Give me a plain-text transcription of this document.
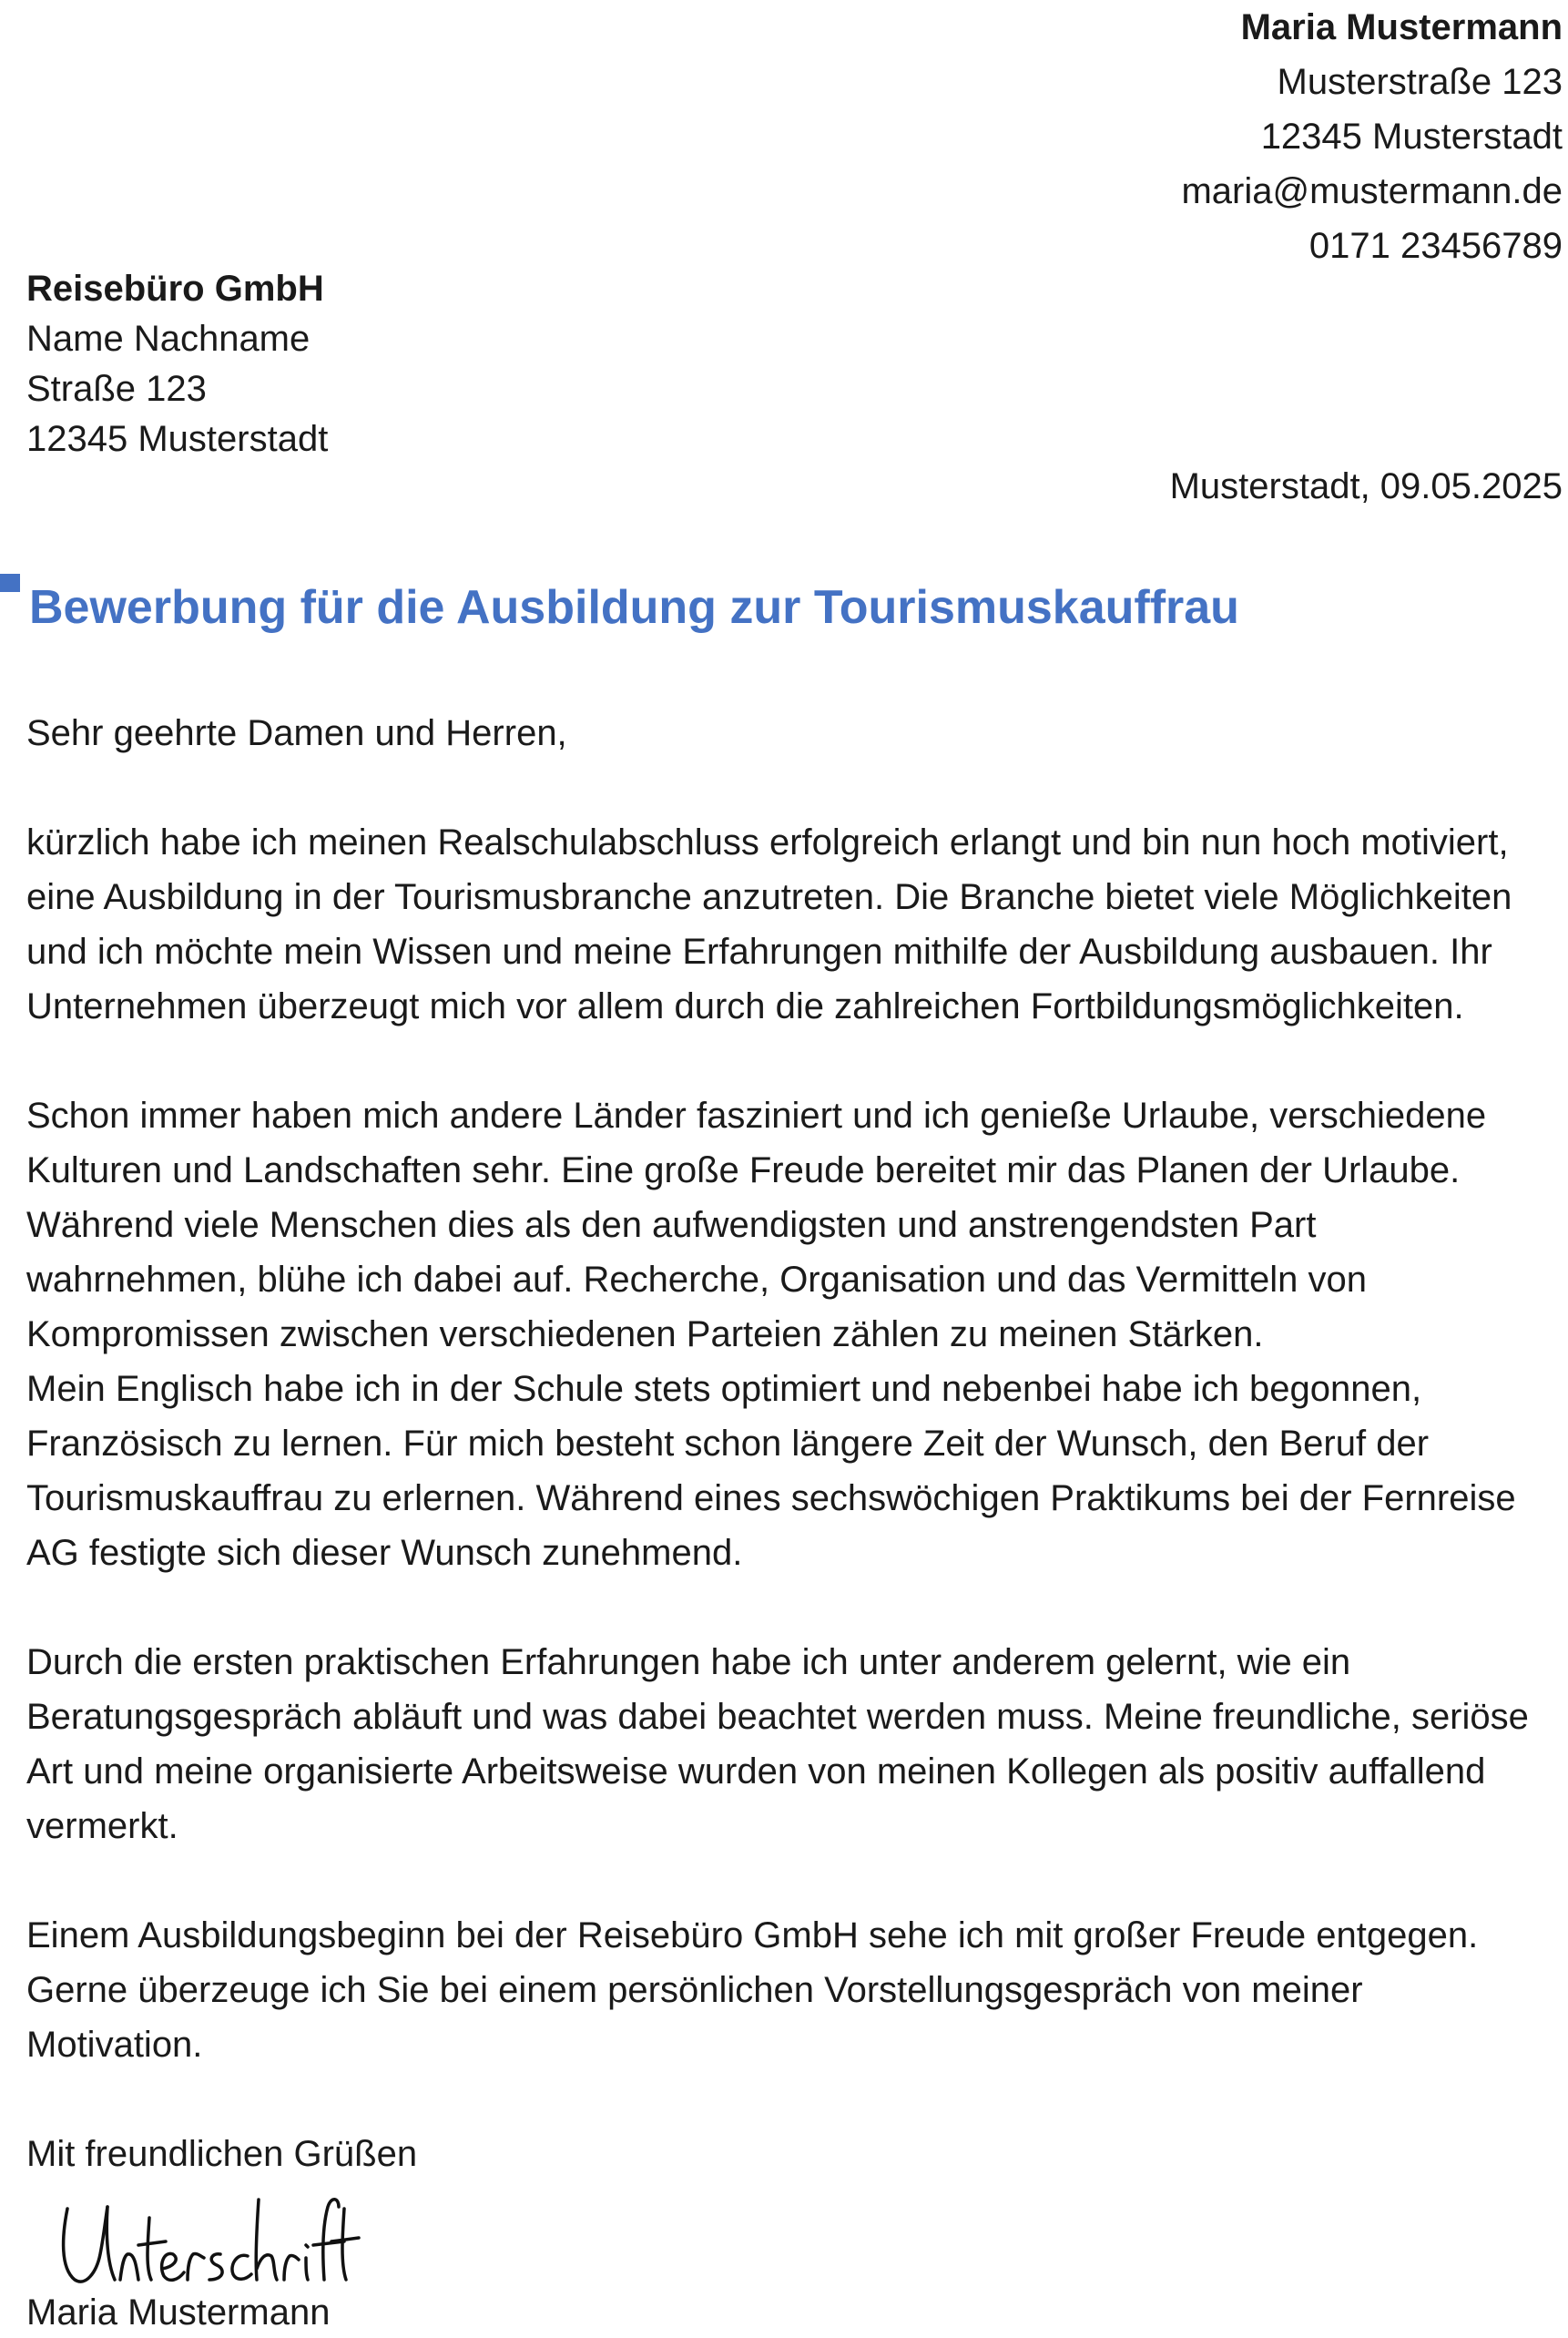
Maria Mustermann
Musterstraße 123
12345 Musterstadt
maria@mustermann.de
0171 23456789
Reisebüro GmbH
Name Nachname
Straße 123
12345 Musterstadt
Musterstadt, 09.05.2025
Bewerbung für die Ausbildung zur Tourismuskauffrau

Sehr geehrte Damen und Herren,

kürzlich habe ich meinen Realschulabschluss erfolgreich erlangt und bin nun hoch motiviert,
eine Ausbildung in der Tourismusbranche anzutreten. Die Branche bietet viele Möglichkeiten
und ich möchte mein Wissen und meine Erfahrungen mithilfe der Ausbildung ausbauen. Ihr
Unternehmen überzeugt mich vor allem durch die zahlreichen Fortbildungsmöglichkeiten.

Schon immer haben mich andere Länder fasziniert und ich genieße Urlaube, verschiedene
Kulturen und Landschaften sehr. Eine große Freude bereitet mir das Planen der Urlaube.
Während viele Menschen dies als den aufwendigsten und anstrengendsten Part
wahrnehmen, blühe ich dabei auf. Recherche, Organisation und das Vermitteln von
Kompromissen zwischen verschiedenen Parteien zählen zu meinen Stärken.

Mein Englisch habe ich in der Schule stets optimiert und nebenbei habe ich begonnen,
Französisch zu lernen. Für mich besteht schon längere Zeit der Wunsch, den Beruf der
Tourismuskauffrau zu erlernen. Während eines sechswöchigen Praktikums bei der Fernreise
AG festigte sich dieser Wunsch zunehmend.

Durch die ersten praktischen Erfahrungen habe ich unter anderem gelernt, wie ein
Beratungsgespräch abläuft und was dabei beachtet werden muss. Meine freundliche, seriöse
Art und meine organisierte Arbeitsweise wurden von meinen Kollegen als positiv auffallend
vermerkt.

Einem Ausbildungsbeginn bei der Reisebüro GmbH sehe ich mit großer Freude entgegen.
Gerne überzeuge ich Sie bei einem persönlichen Vorstellungsgespräch von meiner
Motivation.

Mit freundlichen Grüßen

Maria Mustermann
